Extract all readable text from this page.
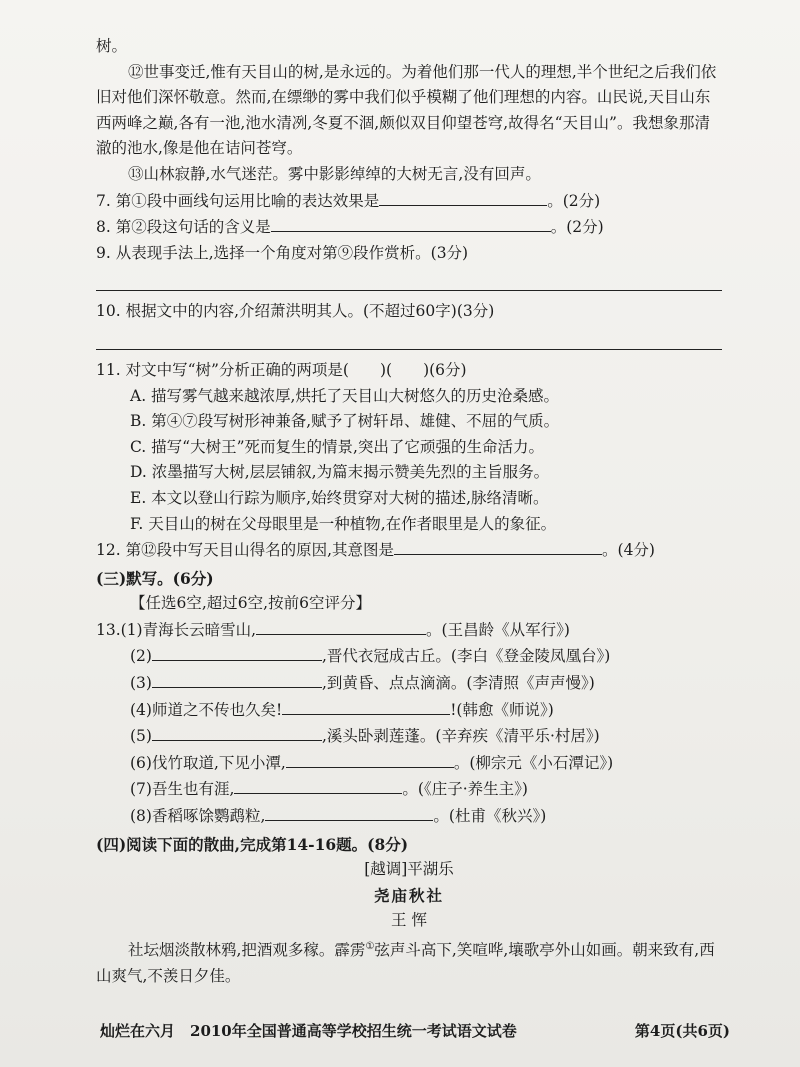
树。

⑫世事变迁,惟有天目山的树,是永远的。为着他们那一代人的理想,半个世纪之后我们依旧对他们深怀敬意。然而,在缥缈的雾中我们似乎模糊了他们理想的内容。山民说,天目山东西两峰之巅,各有一池,池水清冽,冬夏不涸,颇似双目仰望苍穹,故得名“天目山”。我想象那清澈的池水,像是他在诘问苍穹。

⑬山林寂静,水气迷茫。雾中影影绰绰的大树无言,没有回声。

7. 第①段中画线句运用比喻的表达效果是	。(2分)

8. 第②段这句话的含义是	。(2分)

9. 从表现手法上,选择一个角度对第⑨段作赏析。(3分)

10. 根据文中的内容,介绍萧洪明其人。(不超过60字)(3分)

11. 对文中写“树”分析正确的两项是(　　)(　　)(6分)

A. 描写雾气越来越浓厚,烘托了天目山大树悠久的历史沧桑感。

B. 第④⑦段写树形神兼备,赋予了树轩昂、雄健、不屈的气质。

C. 描写“大树王”死而复生的情景,突出了它顽强的生命活力。

D. 浓墨描写大树,层层铺叙,为篇末揭示赞美先烈的主旨服务。

E. 本文以登山行踪为顺序,始终贯穿对大树的描述,脉络清晰。

F. 天目山的树在父母眼里是一种植物,在作者眼里是人的象征。

12. 第⑫段中写天目山得名的原因,其意图是	。(4分)

(三)默写。(6分)

【任选6空,超过6空,按前6空评分】

13.(1)青海长云暗雪山,	。(王昌龄《从军行》)

(2)	,晋代衣冠成古丘。(李白《登金陵凤凰台》)

(3)	,到黄昏、点点滴滴。(李清照《声声慢》)

(4)师道之不传也久矣!	!(韩愈《师说》)

(5)	,溪头卧剥莲蓬。(辛弃疾《清平乐·村居》)

(6)伐竹取道,下见小潭,	。(柳宗元《小石潭记》)

(7)吾生也有涯,	。(《庄子·养生主》)

(8)香稻啄馀鹦鹉粒,	。(杜甫《秋兴》)

(四)阅读下面的散曲,完成第14-16题。(8分)

[越调]平湖乐

尧庙秋社

王 恽

社坛烟淡散林鸦,把酒观多稼。霹雳①弦声斗高下,笑喧哗,壤歌亭外山如画。朝来致有,西山爽气,不羡日夕佳。

灿烂在六月  2010年全国普通高等学校招生统一考试语文试卷	第4页(共6页)
